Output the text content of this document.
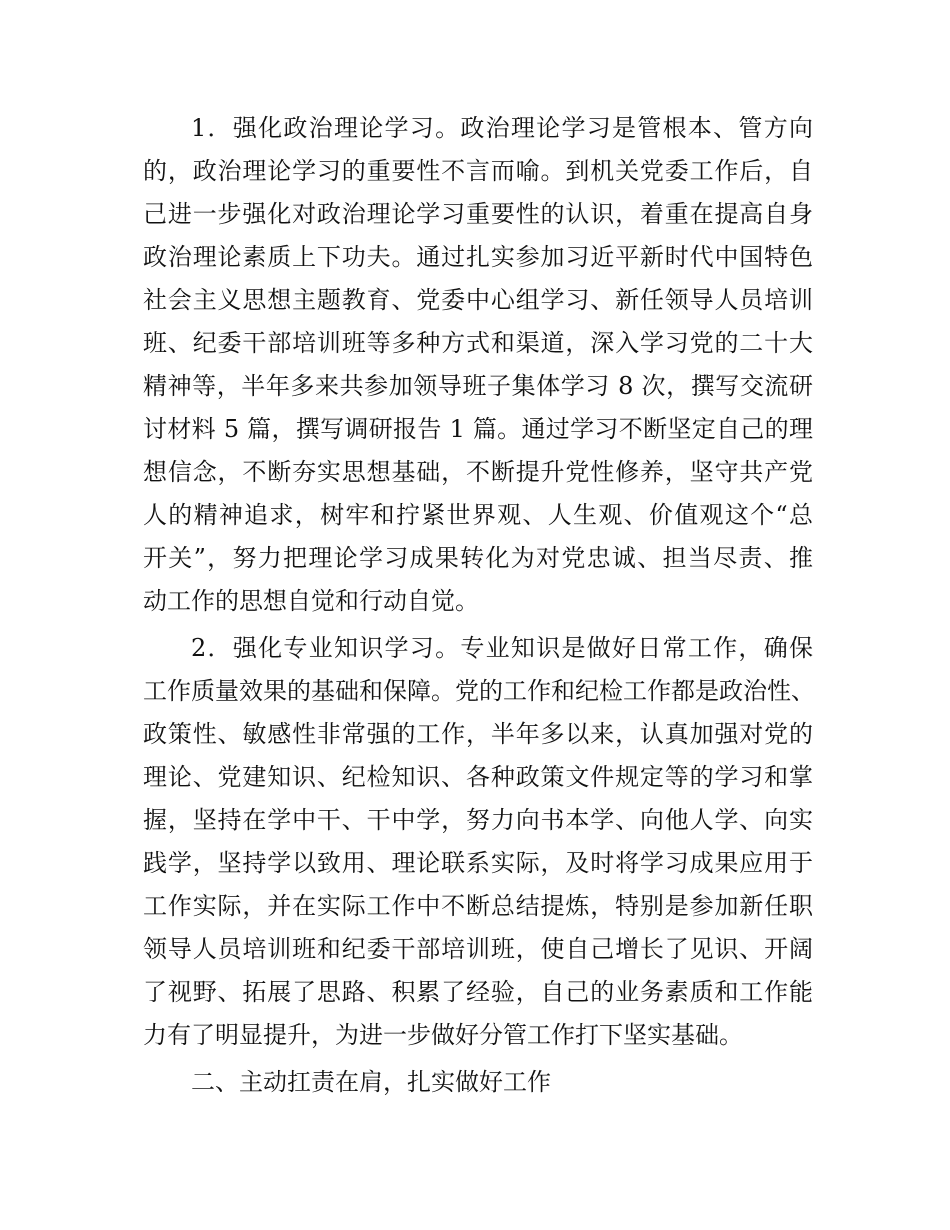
1．强化政治理论学习。政治理论学习是管根本、管方向
的，政治理论学习的重要性不言而喻。到机关党委工作后，自
己进一步强化对政治理论学习重要性的认识，着重在提高自身
政治理论素质上下功夫。通过扎实参加习近平新时代中国特色
社会主义思想主题教育、党委中心组学习、新任领导人员培训
班、纪委干部培训班等多种方式和渠道，深入学习党的二十大
精神等，半年多来共参加领导班子集体学习 8 次，撰写交流研
讨材料 5 篇，撰写调研报告 1 篇。通过学习不断坚定自己的理
想信念，不断夯实思想基础，不断提升党性修养，坚守共产党
人的精神追求，树牢和拧紧世界观、人生观、价值观这个“总
开关”，努力把理论学习成果转化为对党忠诚、担当尽责、推
动工作的思想自觉和行动自觉。
2．强化专业知识学习。专业知识是做好日常工作，确保
工作质量效果的基础和保障。党的工作和纪检工作都是政治性、
政策性、敏感性非常强的工作，半年多以来，认真加强对党的
理论、党建知识、纪检知识、各种政策文件规定等的学习和掌
握，坚持在学中干、干中学，努力向书本学、向他人学、向实
践学，坚持学以致用、理论联系实际，及时将学习成果应用于
工作实际，并在实际工作中不断总结提炼，特别是参加新任职
领导人员培训班和纪委干部培训班，使自己增长了见识、开阔
了视野、拓展了思路、积累了经验，自己的业务素质和工作能
力有了明显提升，为进一步做好分管工作打下坚实基础。
二、主动扛责在肩，扎实做好工作
